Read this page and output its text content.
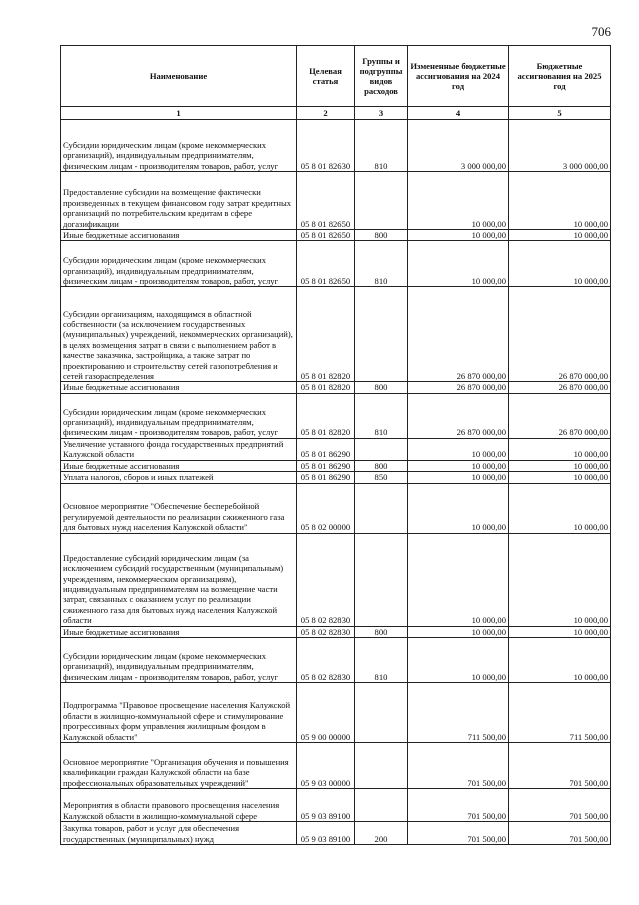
706
Наименование	Целевая статья	Группы и подгруппы видов расходов	Измененные бюджетные ассигнования на 2024 год	Бюджетные ассигнования на 2025 год
1	2	3	4	5
Субсидии юридическим лицам (кроме некоммерческих организаций), индивидуальным предпринимателям, физическим лицам - производителям товаров, работ, услуг	05 8 01 82630	810	3 000 000,00	3 000 000,00
Предоставление субсидии на возмещение фактически произведенных в текущем финансовом году затрат кредитных организаций по потребительским кредитам в сфере догазификации	05 8 01 82650		10 000,00	10 000,00
Иные бюджетные ассигнования	05 8 01 82650	800	10 000,00	10 000,00
Субсидии юридическим лицам (кроме некоммерческих организаций), индивидуальным предпринимателям, физическим лицам - производителям товаров, работ, услуг	05 8 01 82650	810	10 000,00	10 000,00
Субсидии организациям, находящимся в областной собственности (за исключением государственных (муниципальных) учреждений, некоммерческих организаций), в целях возмещения затрат в связи с выполнением работ в качестве заказчика, застройщика, а также затрат по проектированию и строительству сетей газопотребления и сетей газораспределения	05 8 01 82820		26 870 000,00	26 870 000,00
Иные бюджетные ассигнования	05 8 01 82820	800	26 870 000,00	26 870 000,00
Субсидии юридическим лицам (кроме некоммерческих организаций), индивидуальным предпринимателям, физическим лицам - производителям товаров, работ, услуг	05 8 01 82820	810	26 870 000,00	26 870 000,00
Увеличение уставного фонда государственных предприятий Калужской области	05 8 01 86290		10 000,00	10 000,00
Иные бюджетные ассигнования	05 8 01 86290	800	10 000,00	10 000,00
Уплата налогов, сборов и иных платежей	05 8 01 86290	850	10 000,00	10 000,00
Основное мероприятие "Обеспечение бесперебойной регулируемой деятельности по реализации сжиженного газа для бытовых нужд населения Калужской области"	05 8 02 00000		10 000,00	10 000,00
Предоставление субсидий юридическим лицам (за исключением субсидий государственным (муниципальным) учреждениям, некоммерческим организациям), индивидуальным предпринимателям на возмещение части затрат, связанных с оказанием услуг по реализации сжиженного газа для бытовых нужд населения Калужской области	05 8 02 82830		10 000,00	10 000,00
Иные бюджетные ассигнования	05 8 02 82830	800	10 000,00	10 000,00
Субсидии юридическим лицам (кроме некоммерческих организаций), индивидуальным предпринимателям, физическим лицам - производителям товаров, работ, услуг	05 8 02 82830	810	10 000,00	10 000,00
Подпрограмма "Правовое просвещение населения Калужской области в жилищно-коммунальной сфере и стимулирование прогрессивных форм управления жилищным фондом в Калужской области"	05 9 00 00000		711 500,00	711 500,00
Основное мероприятие "Организация обучения и повышения квалификации граждан Калужской области на базе профессиональных образовательных учреждений"	05 9 03 00000		701 500,00	701 500,00
Мероприятия в области правового просвещения населения Калужской области в жилищно-коммунальной сфере	05 9 03 89100		701 500,00	701 500,00
Закупка товаров, работ и услуг для обеспечения государственных (муниципальных) нужд	05 9 03 89100	200	701 500,00	701 500,00
